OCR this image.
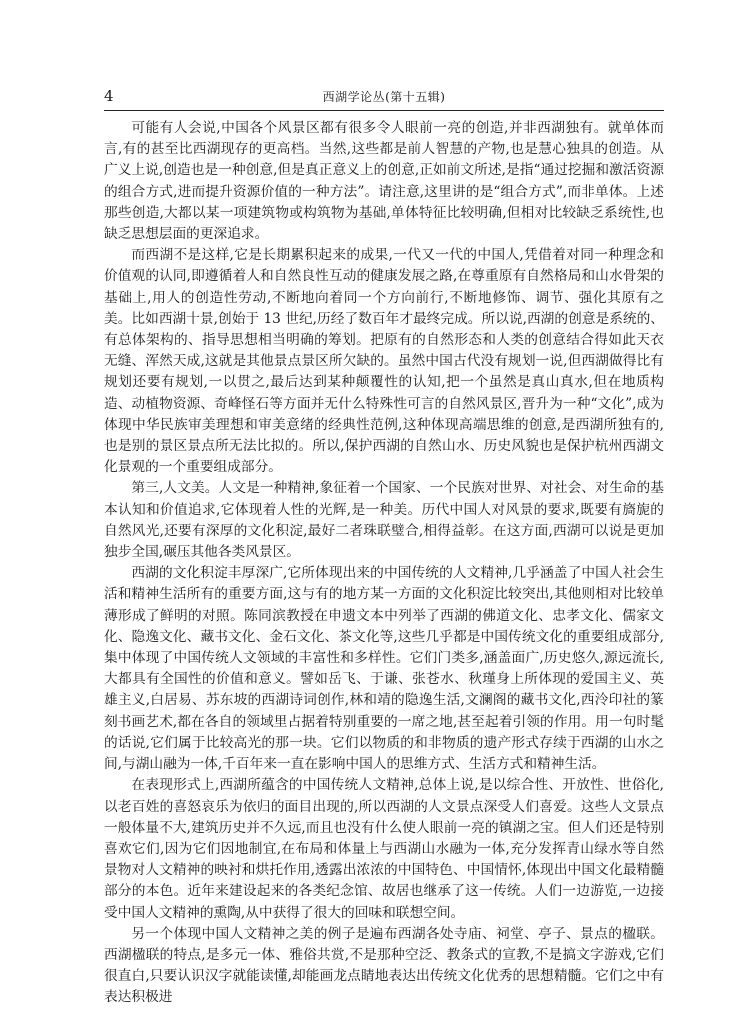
4	西湖学论丛(第十五辑)

可能有人会说,中国各个风景区都有很多令人眼前一亮的创造,并非西湖独有。就单体而言,有的甚至比西湖现存的更高档。当然,这些都是前人智慧的产物,也是慧心独具的创造。从广义上说,创造也是一种创意,但是真正意义上的创意,正如前文所述,是指“通过挖掘和激活资源的组合方式,进而提升资源价值的一种方法”。请注意,这里讲的是“组合方式”,而非单体。上述那些创造,大都以某一项建筑物或构筑物为基础,单体特征比较明确,但相对比较缺乏系统性,也缺乏思想层面的更深追求。

而西湖不是这样,它是长期累积起来的成果,一代又一代的中国人,凭借着对同一种理念和价值观的认同,即遵循着人和自然良性互动的健康发展之路,在尊重原有自然格局和山水骨架的基础上,用人的创造性劳动,不断地向着同一个方向前行,不断地修饰、调节、强化其原有之美。比如西湖十景,创始于 13 世纪,历经了数百年才最终完成。所以说,西湖的创意是系统的、有总体架构的、指导思想相当明确的筹划。把原有的自然形态和人类的创意结合得如此天衣无缝、浑然天成,这就是其他景点景区所欠缺的。虽然中国古代没有规划一说,但西湖做得比有规划还要有规划,一以贯之,最后达到某种颠覆性的认知,把一个虽然是真山真水,但在地质构造、动植物资源、奇峰怪石等方面并无什么特殊性可言的自然风景区,晋升为一种“文化”,成为体现中华民族审美理想和审美意绪的经典性范例,这种体现高端思维的创意,是西湖所独有的,也是别的景区景点所无法比拟的。所以,保护西湖的自然山水、历史风貌也是保护杭州西湖文化景观的一个重要组成部分。

第三,人文美。人文是一种精神,象征着一个国家、一个民族对世界、对社会、对生命的基本认知和价值追求,它体现着人性的光辉,是一种美。历代中国人对风景的要求,既要有旖旎的自然风光,还要有深厚的文化积淀,最好二者珠联璧合,相得益彰。在这方面,西湖可以说是更加独步全国,碾压其他各类风景区。

西湖的文化积淀丰厚深广,它所体现出来的中国传统的人文精神,几乎涵盖了中国人社会生活和精神生活所有的重要方面,这与有的地方某一方面的文化积淀比较突出,其他则相对比较单薄形成了鲜明的对照。陈同滨教授在申遗文本中列举了西湖的佛道文化、忠孝文化、儒家文化、隐逸文化、藏书文化、金石文化、茶文化等,这些几乎都是中国传统文化的重要组成部分,集中体现了中国传统人文领域的丰富性和多样性。它们门类多,涵盖面广,历史悠久,源远流长,大都具有全国性的价值和意义。譬如岳飞、于谦、张苍水、秋瑾身上所体现的爱国主义、英雄主义,白居易、苏东坡的西湖诗词创作,林和靖的隐逸生活,文澜阁的藏书文化,西泠印社的篆刻书画艺术,都在各自的领域里占据着特别重要的一席之地,甚至起着引领的作用。用一句时髦的话说,它们属于比较高光的那一块。它们以物质的和非物质的遗产形式存续于西湖的山水之间,与湖山融为一体,千百年来一直在影响中国人的思维方式、生活方式和精神生活。

在表现形式上,西湖所蕴含的中国传统人文精神,总体上说,是以综合性、开放性、世俗化,以老百姓的喜怒哀乐为依归的面目出现的,所以西湖的人文景点深受人们喜爱。这些人文景点一般体量不大,建筑历史并不久远,而且也没有什么使人眼前一亮的镇湖之宝。但人们还是特别喜欢它们,因为它们因地制宜,在布局和体量上与西湖山水融为一体,充分发挥青山绿水等自然景物对人文精神的映衬和烘托作用,透露出浓浓的中国特色、中国情怀,体现出中国文化最精髓部分的本色。近年来建设起来的各类纪念馆、故居也继承了这一传统。人们一边游览,一边接受中国人文精神的熏陶,从中获得了很大的回味和联想空间。

另一个体现中国人文精神之美的例子是遍布西湖各处寺庙、祠堂、亭子、景点的楹联。西湖楹联的特点,是多元一体、雅俗共赏,不是那种空泛、教条式的宣教,不是搞文字游戏,它们很直白,只要认识汉字就能读懂,却能画龙点睛地表达出传统文化优秀的思想精髓。它们之中有表达积极进
